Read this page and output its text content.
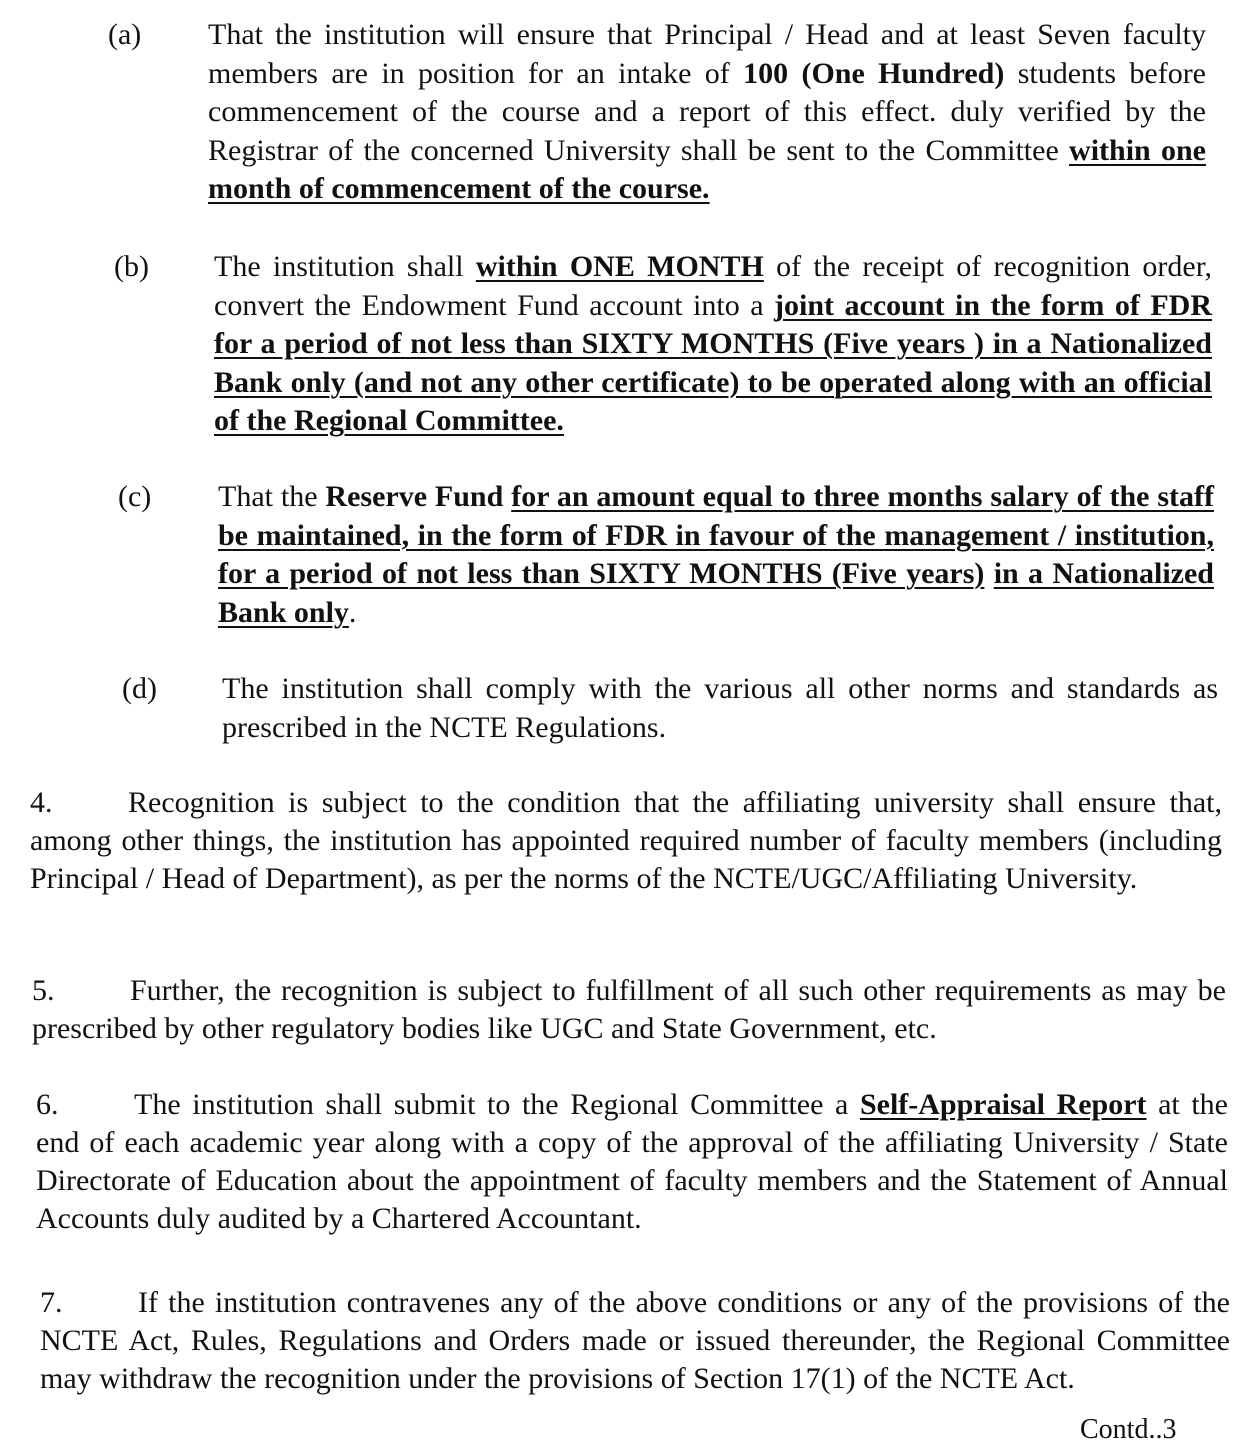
(a) That the institution will ensure that Principal / Head and at least Seven faculty members are in position for an intake of 100 (One Hundred) students before commencement of the course and a report of this effect. duly verified by the Registrar of the concerned University shall be sent to the Committee within one month of commencement of the course.
(b) The institution shall within ONE MONTH of the receipt of recognition order, convert the Endowment Fund account into a joint account in the form of FDR for a period of not less than SIXTY MONTHS (Five years ) in a Nationalized Bank only (and not any other certificate) to be operated along with an official of the Regional Committee.
(c) That the Reserve Fund for an amount equal to three months salary of the staff be maintained, in the form of FDR in favour of the management / institution, for a period of not less than SIXTY MONTHS (Five years) in a Nationalized Bank only.
(d) The institution shall comply with the various all other norms and standards as prescribed in the NCTE Regulations.
4.	Recognition is subject to the condition that the affiliating university shall ensure that, among other things, the institution has appointed required number of faculty members (including Principal / Head of Department), as per the norms of the NCTE/UGC/Affiliating University.
5.	Further, the recognition is subject to fulfillment of all such other requirements as may be prescribed by other regulatory bodies like UGC and State Government, etc.
6.	The institution shall submit to the Regional Committee a Self-Appraisal Report at the end of each academic year along with a copy of the approval of the affiliating University / State Directorate of Education about the appointment of faculty members and the Statement of Annual Accounts duly audited by a Chartered Accountant.
7.	If the institution contravenes any of the above conditions or any of the provisions of the NCTE Act, Rules, Regulations and Orders made or issued thereunder, the Regional Committee may withdraw the recognition under the provisions of Section 17(1) of the NCTE Act.
Contd..3
